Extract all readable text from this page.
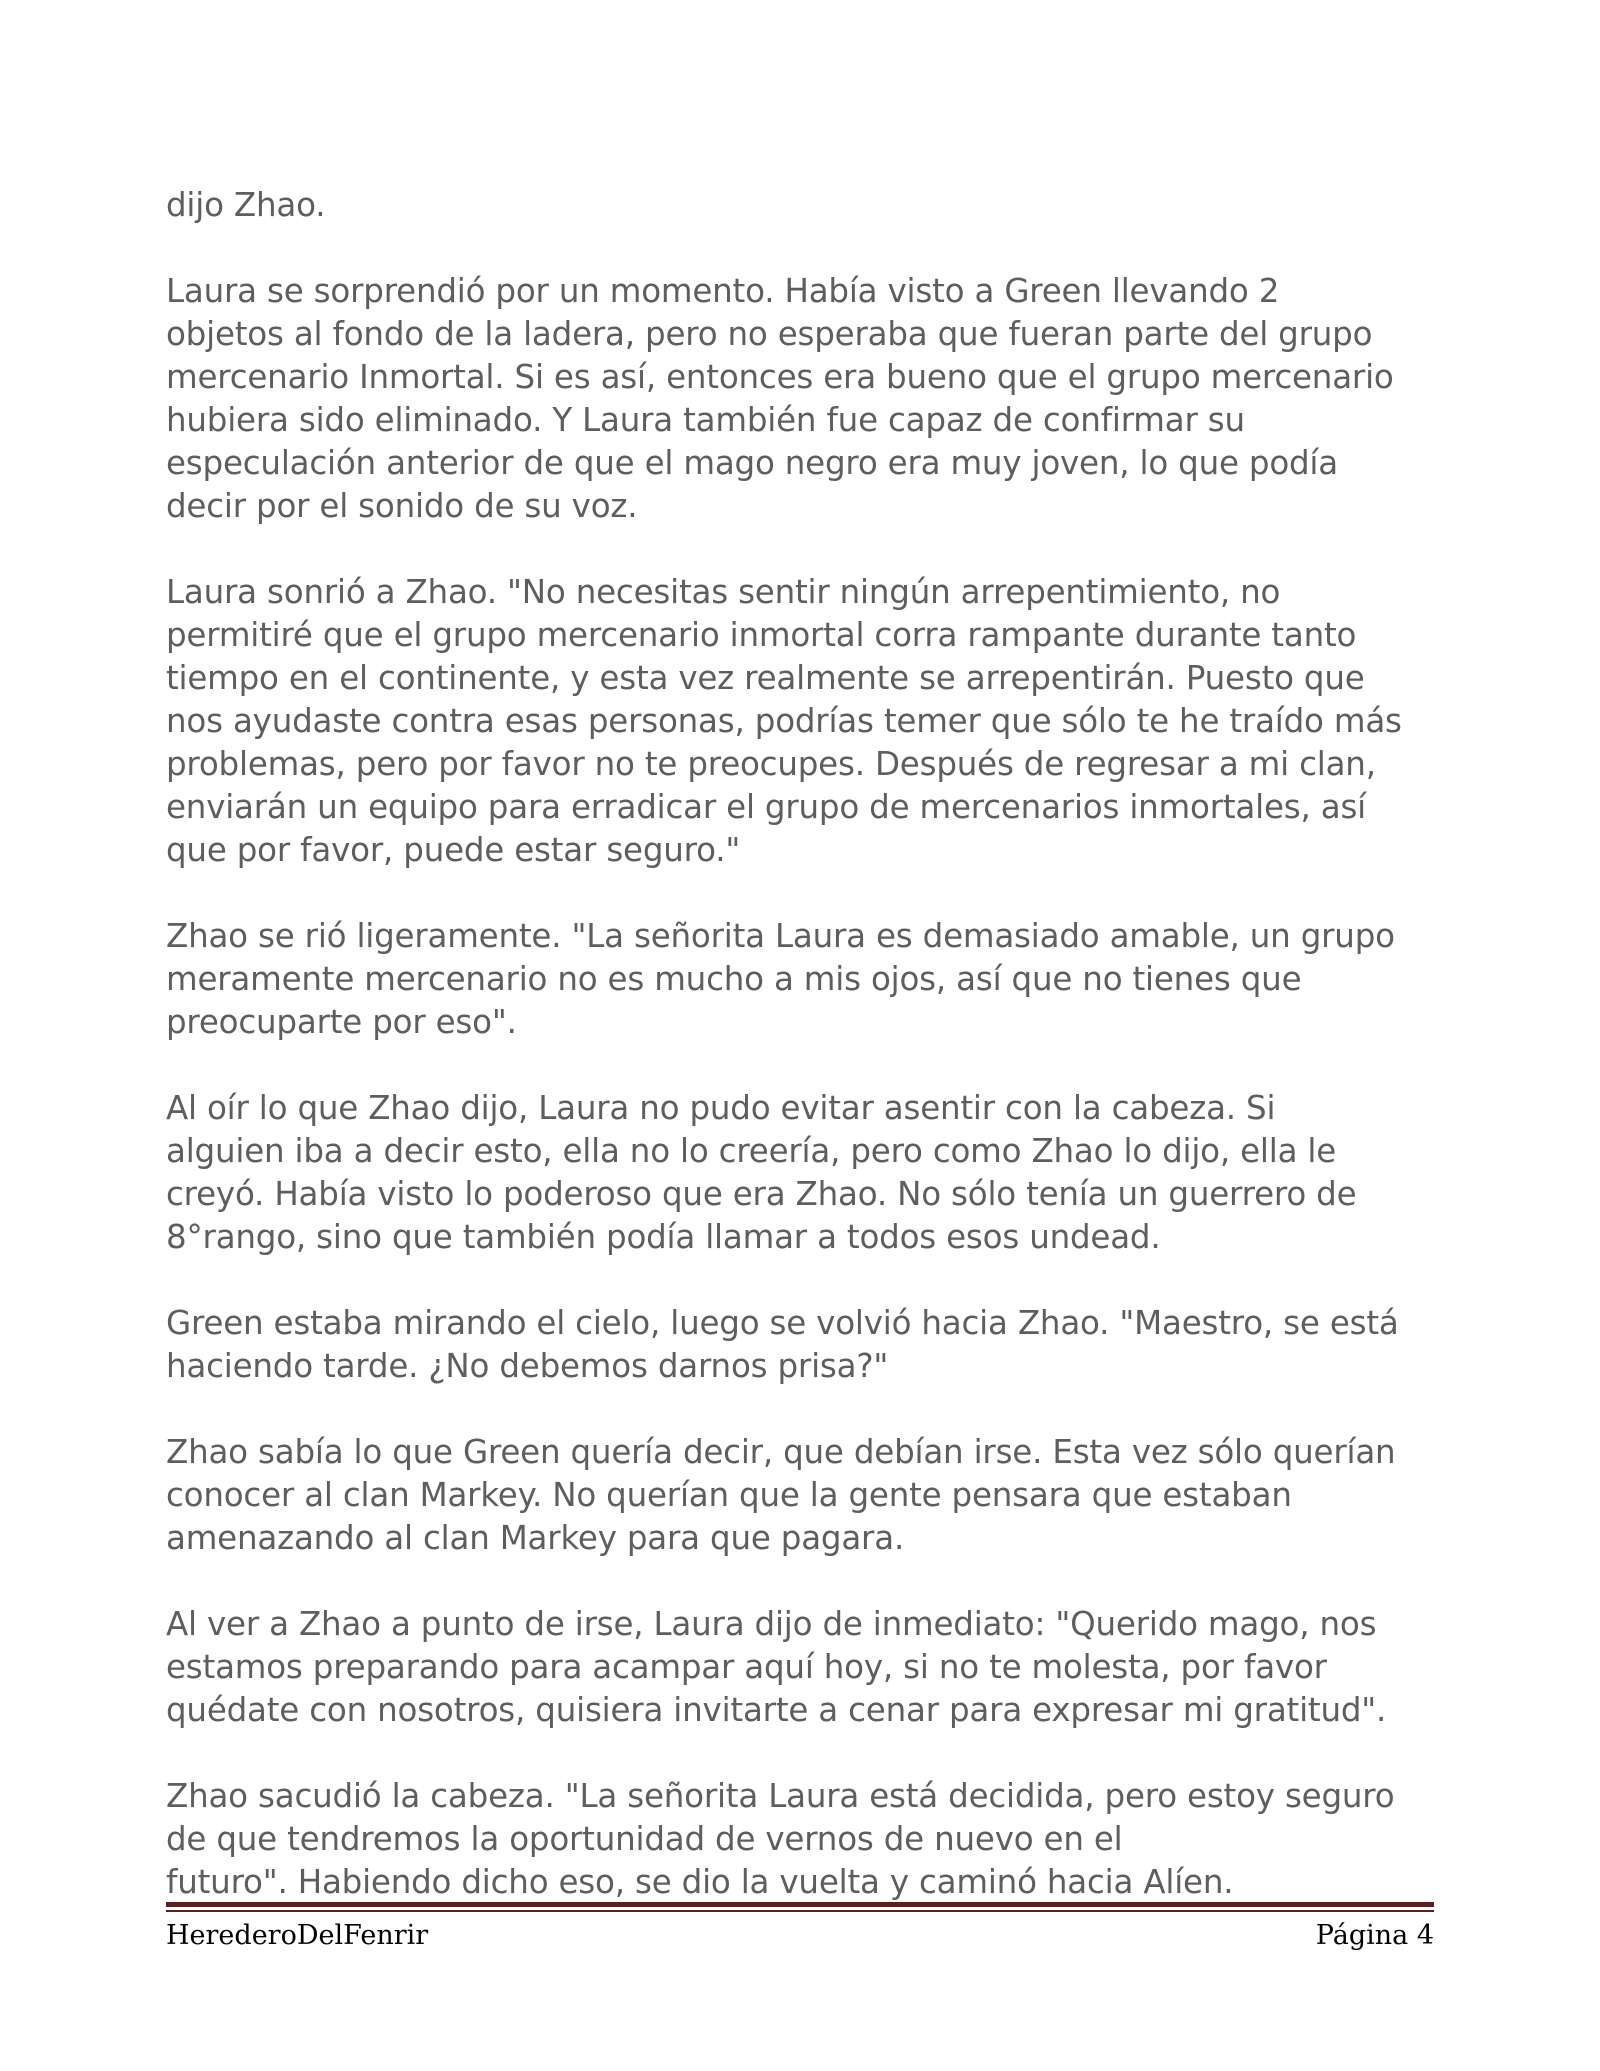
dijo Zhao.
Laura se sorprendió por un momento. Había visto a Green llevando 2
objetos al fondo de la ladera, pero no esperaba que fueran parte del grupo
mercenario Inmortal. Si es así, entonces era bueno que el grupo mercenario
hubiera sido eliminado. Y Laura también fue capaz de confirmar su
especulación anterior de que el mago negro era muy joven, lo que podía
decir por el sonido de su voz.
Laura sonrió a Zhao. "No necesitas sentir ningún arrepentimiento, no
permitiré que el grupo mercenario inmortal corra rampante durante tanto
tiempo en el continente, y esta vez realmente se arrepentirán. Puesto que
nos ayudaste contra esas personas, podrías temer que sólo te he traído más
problemas, pero por favor no te preocupes. Después de regresar a mi clan,
enviarán un equipo para erradicar el grupo de mercenarios inmortales, así
que por favor, puede estar seguro."
Zhao se rió ligeramente. "La señorita Laura es demasiado amable, un grupo
meramente mercenario no es mucho a mis ojos, así que no tienes que
preocuparte por eso".
Al oír lo que Zhao dijo, Laura no pudo evitar asentir con la cabeza. Si
alguien iba a decir esto, ella no lo creería, pero como Zhao lo dijo, ella le
creyó. Había visto lo poderoso que era Zhao. No sólo tenía un guerrero de
8°rango, sino que también podía llamar a todos esos undead.
Green estaba mirando el cielo, luego se volvió hacia Zhao. "Maestro, se está
haciendo tarde. ¿No debemos darnos prisa?"
Zhao sabía lo que Green quería decir, que debían irse. Esta vez sólo querían
conocer al clan Markey. No querían que la gente pensara que estaban
amenazando al clan Markey para que pagara.
Al ver a Zhao a punto de irse, Laura dijo de inmediato: "Querido mago, nos
estamos preparando para acampar aquí hoy, si no te molesta, por favor
quédate con nosotros, quisiera invitarte a cenar para expresar mi gratitud".
Zhao sacudió la cabeza. "La señorita Laura está decidida, pero estoy seguro
de que tendremos la oportunidad de vernos de nuevo en el
futuro". Habiendo dicho eso, se dio la vuelta y caminó hacia Alíen.
HerederoDelFenrir	Página 4
